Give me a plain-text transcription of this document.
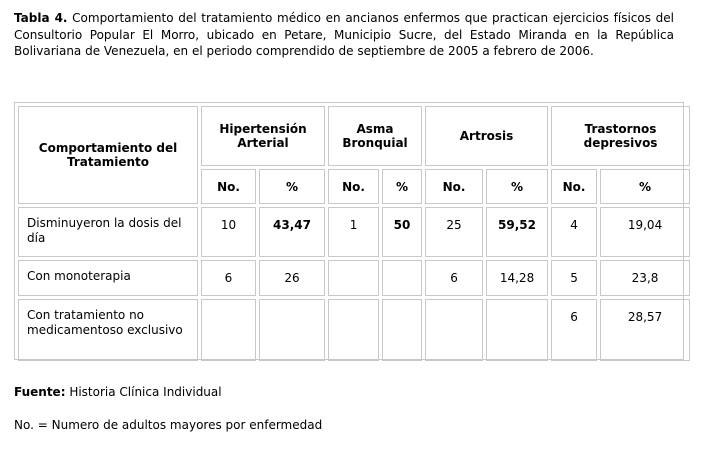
Tabla 4. Comportamiento del tratamiento médico en ancianos enfermos que practican ejercicios físicos del Consultorio Popular El Morro, ubicado en Petare, Municipio Sucre, del Estado Miranda en la República Bolivariana de Venezuela, en el periodo comprendido de septiembre de 2005 a febrero de 2006.
Comportamiento del Tratamiento	Hipertensión Arterial		Asma Bronquial		Artrosis		Trastornos depresivos	
	No.	%	No.	%	No.	%	No.	%
Disminuyeron la dosis del día	10	43,47	1	50	25	59,52	4	19,04
Con monoterapia	6	26			6	14,28	5	23,8
Con tratamiento no medicamentoso exclusivo							6	28,57
Fuente: Historia Clínica Individual
No. = Numero de adultos mayores por enfermedad
